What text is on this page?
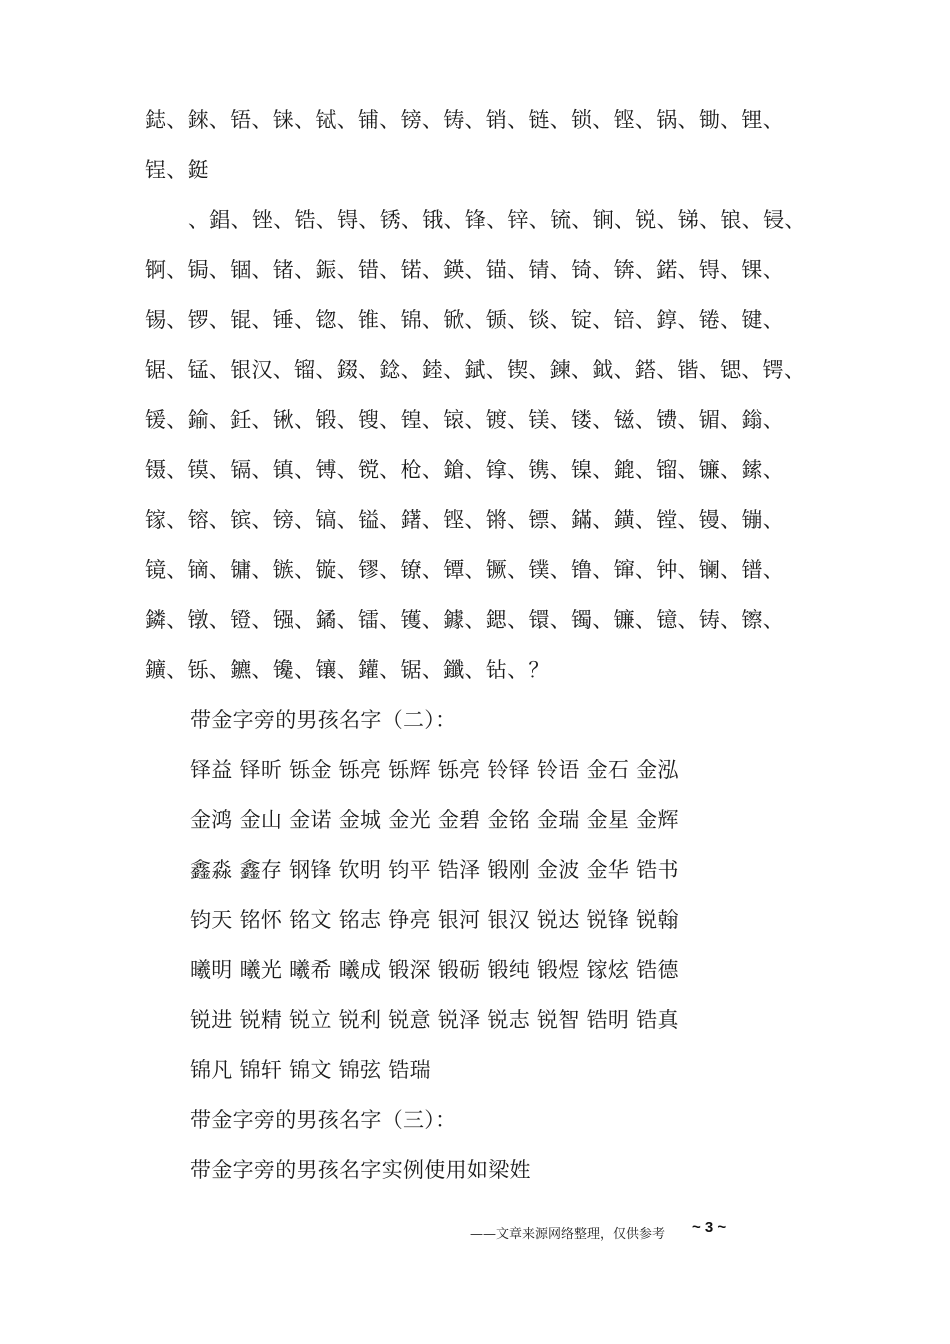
鋕、錸、铻、铼、铽、铺、镑、铸、销、链、锁、铿、锅、锄、锂、
锃、鋌
、錩、锉、锆、锝、锈、锇、锋、锌、锍、锏、锐、锑、锒、锓、
锕、锔、锢、锗、鋠、错、锘、鍈、锚、锖、锜、锛、鍩、锝、锞、
锡、锣、锟、锤、锪、锥、锦、锨、锧、锬、锭、锫、錞、锩、键、
锯、锰、银汉、镏、錣、錜、錴、錻、锲、鍊、鉞、鎝、锴、锶、锷、
锾、鍮、鈓、锹、锻、锼、锽、锿、镀、镁、镂、镃、镄、镅、鎓、
镊、镆、镉、镇、镈、镋、枪、鎗、镎、镌、镍、鎞、镏、镰、鎍、
镓、镕、镔、镑、镐、镒、鐯、铿、锵、镖、鏋、鐄、镗、镘、镚、
镜、镝、镛、镞、镟、镠、镣、镡、镢、镤、镥、镩、钟、镧、镨、
鏻、镦、镫、镪、鐍、镭、镬、鐻、鍶、镮、镯、镰、镱、铸、镲、
鑛、铄、鑣、镵、镶、鑵、锯、鑯、钻、？
带金字旁的男孩名字（二）：
铎益 铎昕 铄金 铄亮 铄辉 铄亮 铃铎 铃语 金石 金泓
金鸿 金山 金诺 金城 金光 金碧 金铭 金瑞 金星 金辉
鑫淼 鑫存 钢锋 钦明 钧平 锆泽 锻刚 金波 金华 锆书
钧天 铭怀 铭文 铭志 铮亮 银河 银汉 锐达 锐锋 锐翰
曦明 曦光 曦希 曦成 锻深 锻砺 锻纯 锻煜 镓炫 锆德
锐进 锐精 锐立 锐利 锐意 锐泽 锐志 锐智 锆明 锆真
锦凡 锦轩 锦文 锦弦 锆瑞
带金字旁的男孩名字（三）：
带金字旁的男孩名字实例使用如梁姓
——文章来源网络整理，仅供参考 ~ 3 ~
